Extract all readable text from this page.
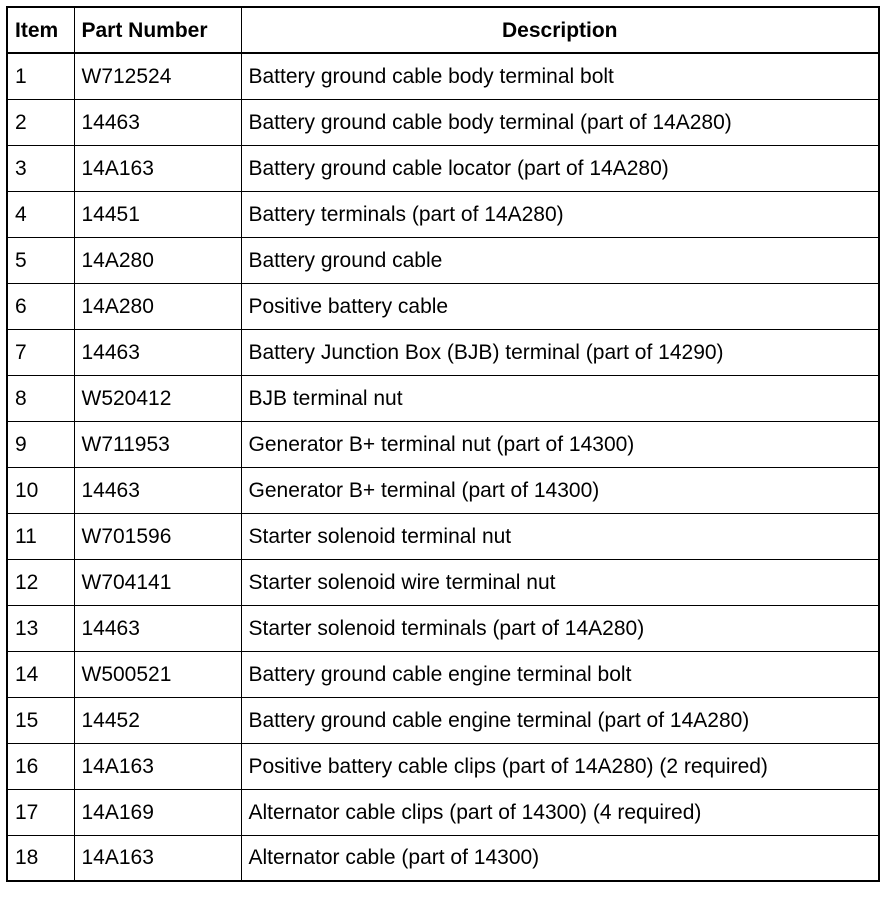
Item	Part Number	Description
1	W712524	Battery ground cable body terminal bolt
2	14463	Battery ground cable body terminal (part of 14A280)
3	14A163	Battery ground cable locator (part of 14A280)
4	14451	Battery terminals (part of 14A280)
5	14A280	Battery ground cable
6	14A280	Positive battery cable
7	14463	Battery Junction Box (BJB) terminal (part of 14290)
8	W520412	BJB terminal nut
9	W711953	Generator B+ terminal nut (part of 14300)
10	14463	Generator B+ terminal (part of 14300)
11	W701596	Starter solenoid terminal nut
12	W704141	Starter solenoid wire terminal nut
13	14463	Starter solenoid terminals (part of 14A280)
14	W500521	Battery ground cable engine terminal bolt
15	14452	Battery ground cable engine terminal (part of 14A280)
16	14A163	Positive battery cable clips (part of 14A280) (2 required)
17	14A169	Alternator cable clips (part of 14300) (4 required)
18	14A163	Alternator cable (part of 14300)
